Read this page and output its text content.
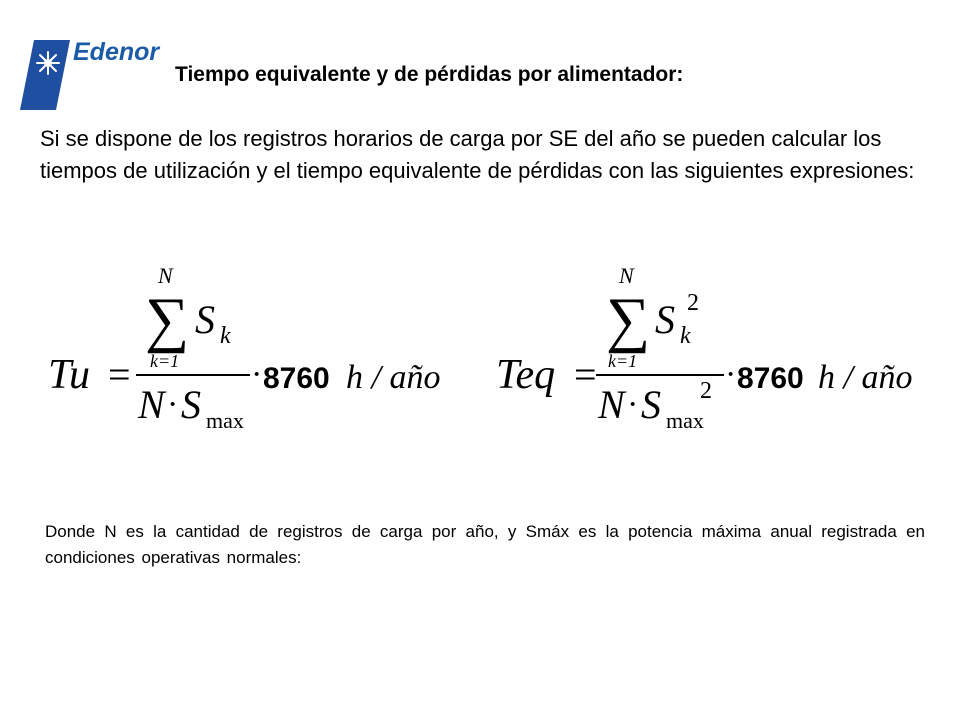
Edenor
Tiempo equivalente y de pérdidas por alimentador:
Si se dispone de los registros horarios de carga por SE del año se pueden calcular los tiempos de utilización y el tiempo equivalente de pérdidas con las siguientes expresiones:
Tu =
N
∑ S k
k=1
N · S max
· 8760 h / año Teq =
N
∑ S k
2
k=1
N · S max
2 · 8760 h / año
Donde N es la cantidad de registros de carga por año, y Smáx es la potencia máxima anual registrada en condiciones operativas normales:
